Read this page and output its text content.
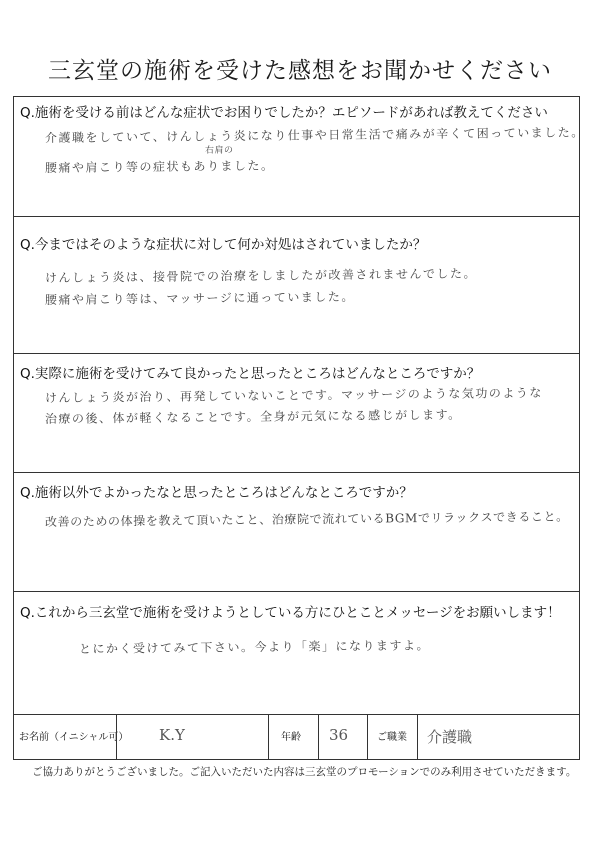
三玄堂の施術を受けた感想をお聞かせください
Q.施術を受ける前はどんな症状でお困りでしたか？エピソードがあれば教えてください
右肩の
介護職をしていて、けんしょう炎になり仕事や日常生活で痛みが辛くて困っていました。
腰痛や肩こり等の症状もありました。
Q.今まではそのような症状に対して何か対処はされていましたか？
けんしょう炎は、接骨院での治療をしましたが改善されませんでした。
腰痛や肩こり等は、マッサージに通っていました。
Q.実際に施術を受けてみて良かったと思ったところはどんなところですか？
けんしょう炎が治り、再発していないことです。マッサージのような気功のような
治療の後、体が軽くなることです。全身が元気になる感じがします。
Q.施術以外でよかったなと思ったところはどんなところですか？
改善のための体操を教えて頂いたこと、治療院で流れているBGMでリラックスできること。
Q.これから三玄堂で施術を受けようとしている方にひとことメッセージをお願いします！
とにかく受けてみて下さい。今より「楽」になりますよ。
お名前（イニシャル可） K.Y	年齢 36	ご職業 介護職
ご協力ありがとうございました。ご記入いただいた内容は三玄堂のプロモーションでのみ利用させていただきます。
